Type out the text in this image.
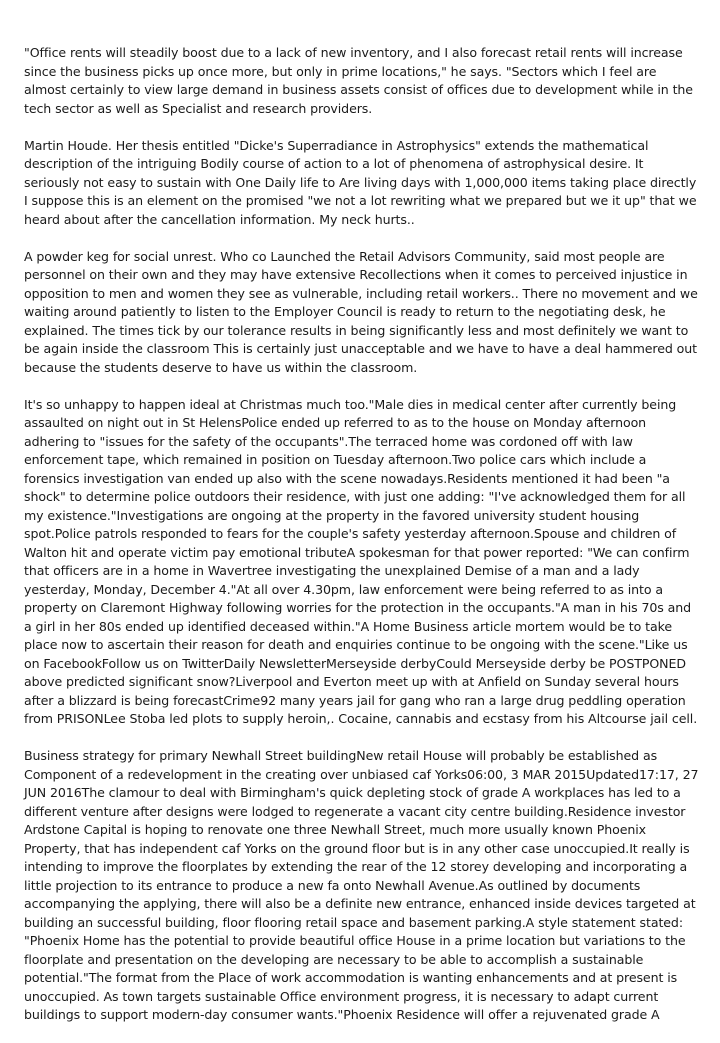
"Office rents will steadily boost due to a lack of new inventory, and I also forecast retail rents will increase since the business picks up once more, but only in prime locations," he says. "Sectors which I feel are almost certainly to view large demand in business assets consist of offices due to development while in the tech sector as well as Specialist and research providers.

Martin Houde. Her thesis entitled "Dicke's Superradiance in Astrophysics" extends the mathematical description of the intriguing Bodily course of action to a lot of phenomena of astrophysical desire. It seriously not easy to sustain with One Daily life to Are living days with 1,000,000 items taking place directly I suppose this is an element on the promised "we not a lot rewriting what we prepared but we it up" that we heard about after the cancellation information. My neck hurts..

A powder keg for social unrest. Who co Launched the Retail Advisors Community, said most people are personnel on their own and they may have extensive Recollections when it comes to perceived injustice in opposition to men and women they see as vulnerable, including retail workers.. There no movement and we waiting around patiently to listen to the Employer Council is ready to return to the negotiating desk, he explained. The times tick by our tolerance results in being significantly less and most definitely we want to be again inside the classroom This is certainly just unacceptable and we have to have a deal hammered out because the students deserve to have us within the classroom.

It's so unhappy to happen ideal at Christmas much too."Male dies in medical center after currently being assaulted on night out in St HelensPolice ended up referred to as to the house on Monday afternoon adhering to "issues for the safety of the occupants".The terraced home was cordoned off with law enforcement tape, which remained in position on Tuesday afternoon.Two police cars which include a forensics investigation van ended up also with the scene nowadays.Residents mentioned it had been "a shock" to determine police outdoors their residence, with just one adding: "I've acknowledged them for all my existence."Investigations are ongoing at the property in the favored university student housing spot.Police patrols responded to fears for the couple's safety yesterday afternoon.Spouse and children of Walton hit and operate victim pay emotional tributeA spokesman for that power reported: "We can confirm that officers are in a home in Wavertree investigating the unexplained Demise of a man and a lady yesterday, Monday, December 4."At all over 4.30pm, law enforcement were being referred to as into a property on Claremont Highway following worries for the protection in the occupants."A man in his 70s and a girl in her 80s ended up identified deceased within."A Home Business article mortem would be to take place now to ascertain their reason for death and enquiries continue to be ongoing with the scene."Like us on FacebookFollow us on TwitterDaily NewsletterMerseyside derbyCould Merseyside derby be POSTPONED above predicted significant snow?Liverpool and Everton meet up with at Anfield on Sunday several hours after a blizzard is being forecastCrime92 many years jail for gang who ran a large drug peddling operation from PRISONLee Stoba led plots to supply heroin,. Cocaine, cannabis and ecstasy from his Altcourse jail cell.

Business strategy for primary Newhall Street buildingNew retail House will probably be established as Component of a redevelopment in the creating over unbiased caf Yorks06:00, 3 MAR 2015Updated17:17, 27 JUN 2016The clamour to deal with Birmingham's quick depleting stock of grade A workplaces has led to a different venture after designs were lodged to regenerate a vacant city centre building.Residence investor Ardstone Capital is hoping to renovate one three Newhall Street, much more usually known Phoenix Property, that has independent caf Yorks on the ground floor but is in any other case unoccupied.It really is intending to improve the floorplates by extending the rear of the 12 storey developing and incorporating a little projection to its entrance to produce a new fa onto Newhall Avenue.As outlined by documents accompanying the applying, there will also be a definite new entrance, enhanced inside devices targeted at building an successful building, floor flooring retail space and basement parking.A style statement stated: "Phoenix Home has the potential to provide beautiful office House in a prime location but variations to the floorplate and presentation on the developing are necessary to be able to accomplish a sustainable potential."The format from the Place of work accommodation is wanting enhancements and at present is unoccupied. As town targets sustainable Office environment progress, it is necessary to adapt current buildings to support modern-day consumer wants."Phoenix Residence will offer a rejuvenated grade A
